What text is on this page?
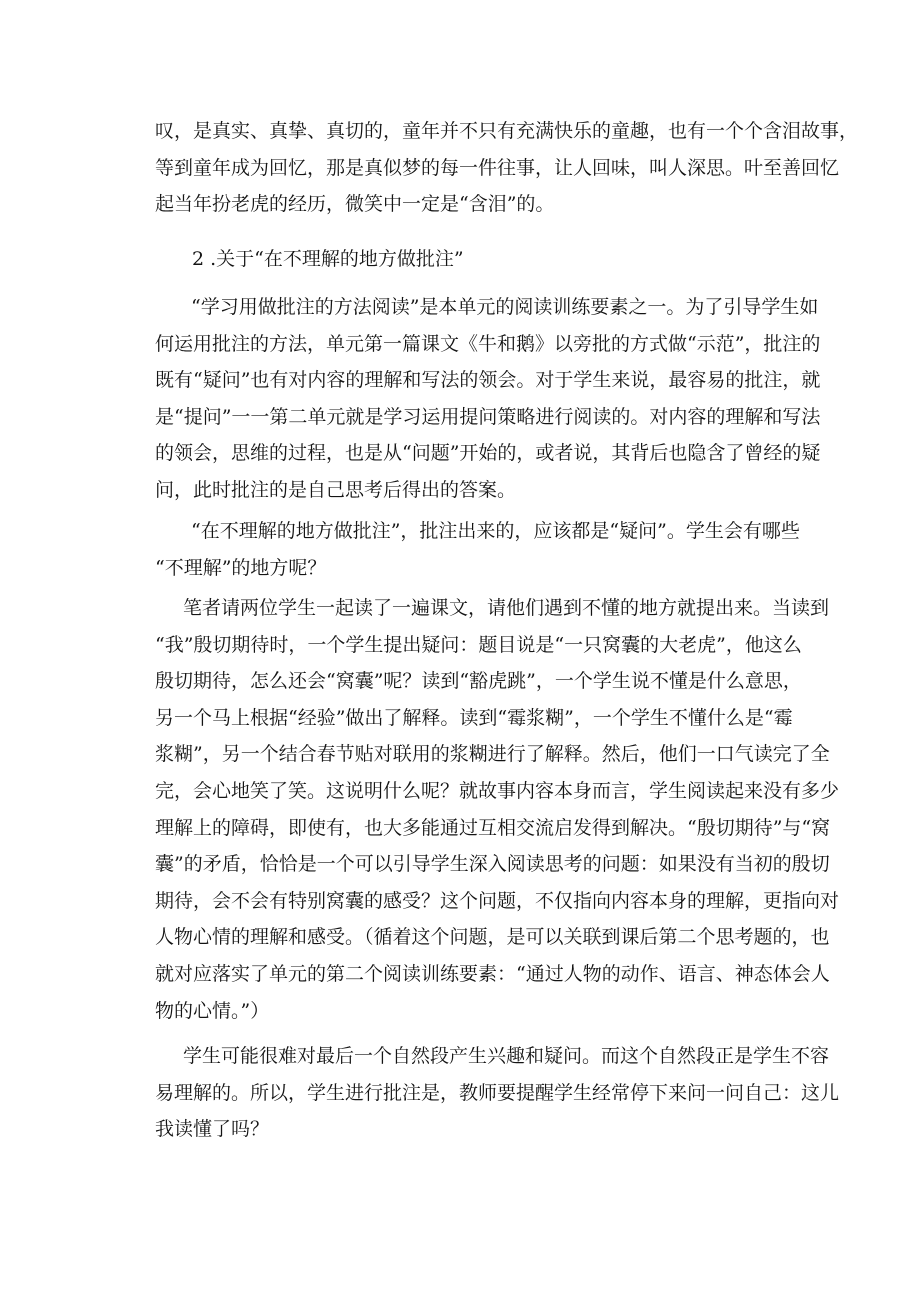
叹，是真实、真挚、真切的，童年并不只有充满快乐的童趣，也有一个个含泪故事，
等到童年成为回忆，那是真似梦的每一件往事，让人回味，叫人深思。叶至善回忆
起当年扮老虎的经历，微笑中一定是“含泪”的。

2 .关于“在不理解的地方做批注”

“学习用做批注的方法阅读”是本单元的阅读训练要素之一。为了引导学生如
何运用批注的方法，单元第一篇课文《牛和鹅》以旁批的方式做“示范”，批注的
既有“疑问”也有对内容的理解和写法的领会。对于学生来说，最容易的批注，就
是“提问”一一第二单元就是学习运用提问策略进行阅读的。对内容的理解和写法
的领会，思维的过程，也是从“问题”开始的，或者说，其背后也隐含了曾经的疑
问，此时批注的是自己思考后得出的答案。

“在不理解的地方做批注”，批注出来的，应该都是“疑问”。学生会有哪些
“不理解”的地方呢？

笔者请两位学生一起读了一遍课文，请他们遇到不懂的地方就提出来。当读到
“我”殷切期待时，一个学生提出疑问：题目说是“一只窝囊的大老虎”，他这么
殷切期待，怎么还会“窝囊”呢？读到“豁虎跳”，一个学生说不懂是什么意思，
另一个马上根据“经验”做出了解释。读到“霉浆糊”，一个学生不懂什么是“霉
浆糊”，另一个结合春节贴对联用的浆糊进行了解释。然后，他们一口气读完了全
完，会心地笑了笑。这说明什么呢？就故事内容本身而言，学生阅读起来没有多少
理解上的障碍，即使有，也大多能通过互相交流启发得到解决。“殷切期待”与“窝
囊”的矛盾，恰恰是一个可以引导学生深入阅读思考的问题：如果没有当初的殷切
期待，会不会有特别窝囊的感受？这个问题，不仅指向内容本身的理解，更指向对
人物心情的理解和感受。（循着这个问题，是可以关联到课后第二个思考题的，也
就对应落实了单元的第二个阅读训练要素：“通过人物的动作、语言、神态体会人
物的心情。”）

学生可能很难对最后一个自然段产生兴趣和疑问。而这个自然段正是学生不容
易理解的。所以，学生进行批注是，教师要提醒学生经常停下来问一问自己：这儿
我读懂了吗？
